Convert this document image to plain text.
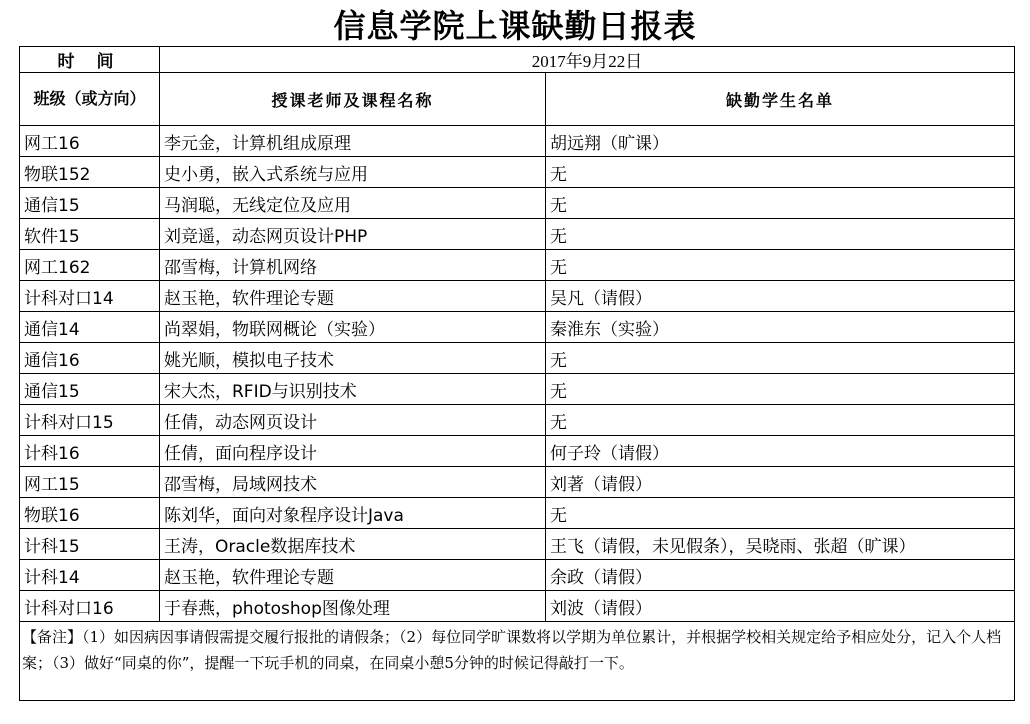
信息学院上课缺勤日报表
时 间	2017年9月22日	
班级（或方向）	授课老师及课程名称	缺勤学生名单
网工16	李元金，计算机组成原理	胡远翔（旷课）
物联152	史小勇，嵌入式系统与应用	无
通信15	马润聪，无线定位及应用	无
软件15	刘竞遥，动态网页设计PHP	无
网工162	邵雪梅，计算机网络	无
计科对口14	赵玉艳，软件理论专题	吴凡（请假）
通信14	尚翠娟，物联网概论（实验）	秦淮东（实验）
通信16	姚光顺，模拟电子技术	无
通信15	宋大杰，RFID与识别技术	无
计科对口15	任倩，动态网页设计	无
计科16	任倩，面向程序设计	何子玲（请假）
网工15	邵雪梅，局域网技术	刘著（请假）
物联16	陈刘华，面向对象程序设计Java	无
计科15	王涛，Oracle数据库技术	王飞（请假，未见假条），吴晓雨、张超（旷课）
计科14	赵玉艳，软件理论专题	余政（请假）
计科对口16	于春燕，photoshop图像处理	刘波（请假）
【备注】（1）如因病因事请假需提交履行报批的请假条；（2）每位同学旷课数将以学期为单位累计，并根据学校相关规定给予相应处分，记入个人档案；（3）做好“同桌的你”，提醒一下玩手机的同桌，在同桌小憩5分钟的时候记得敲打一下。		
